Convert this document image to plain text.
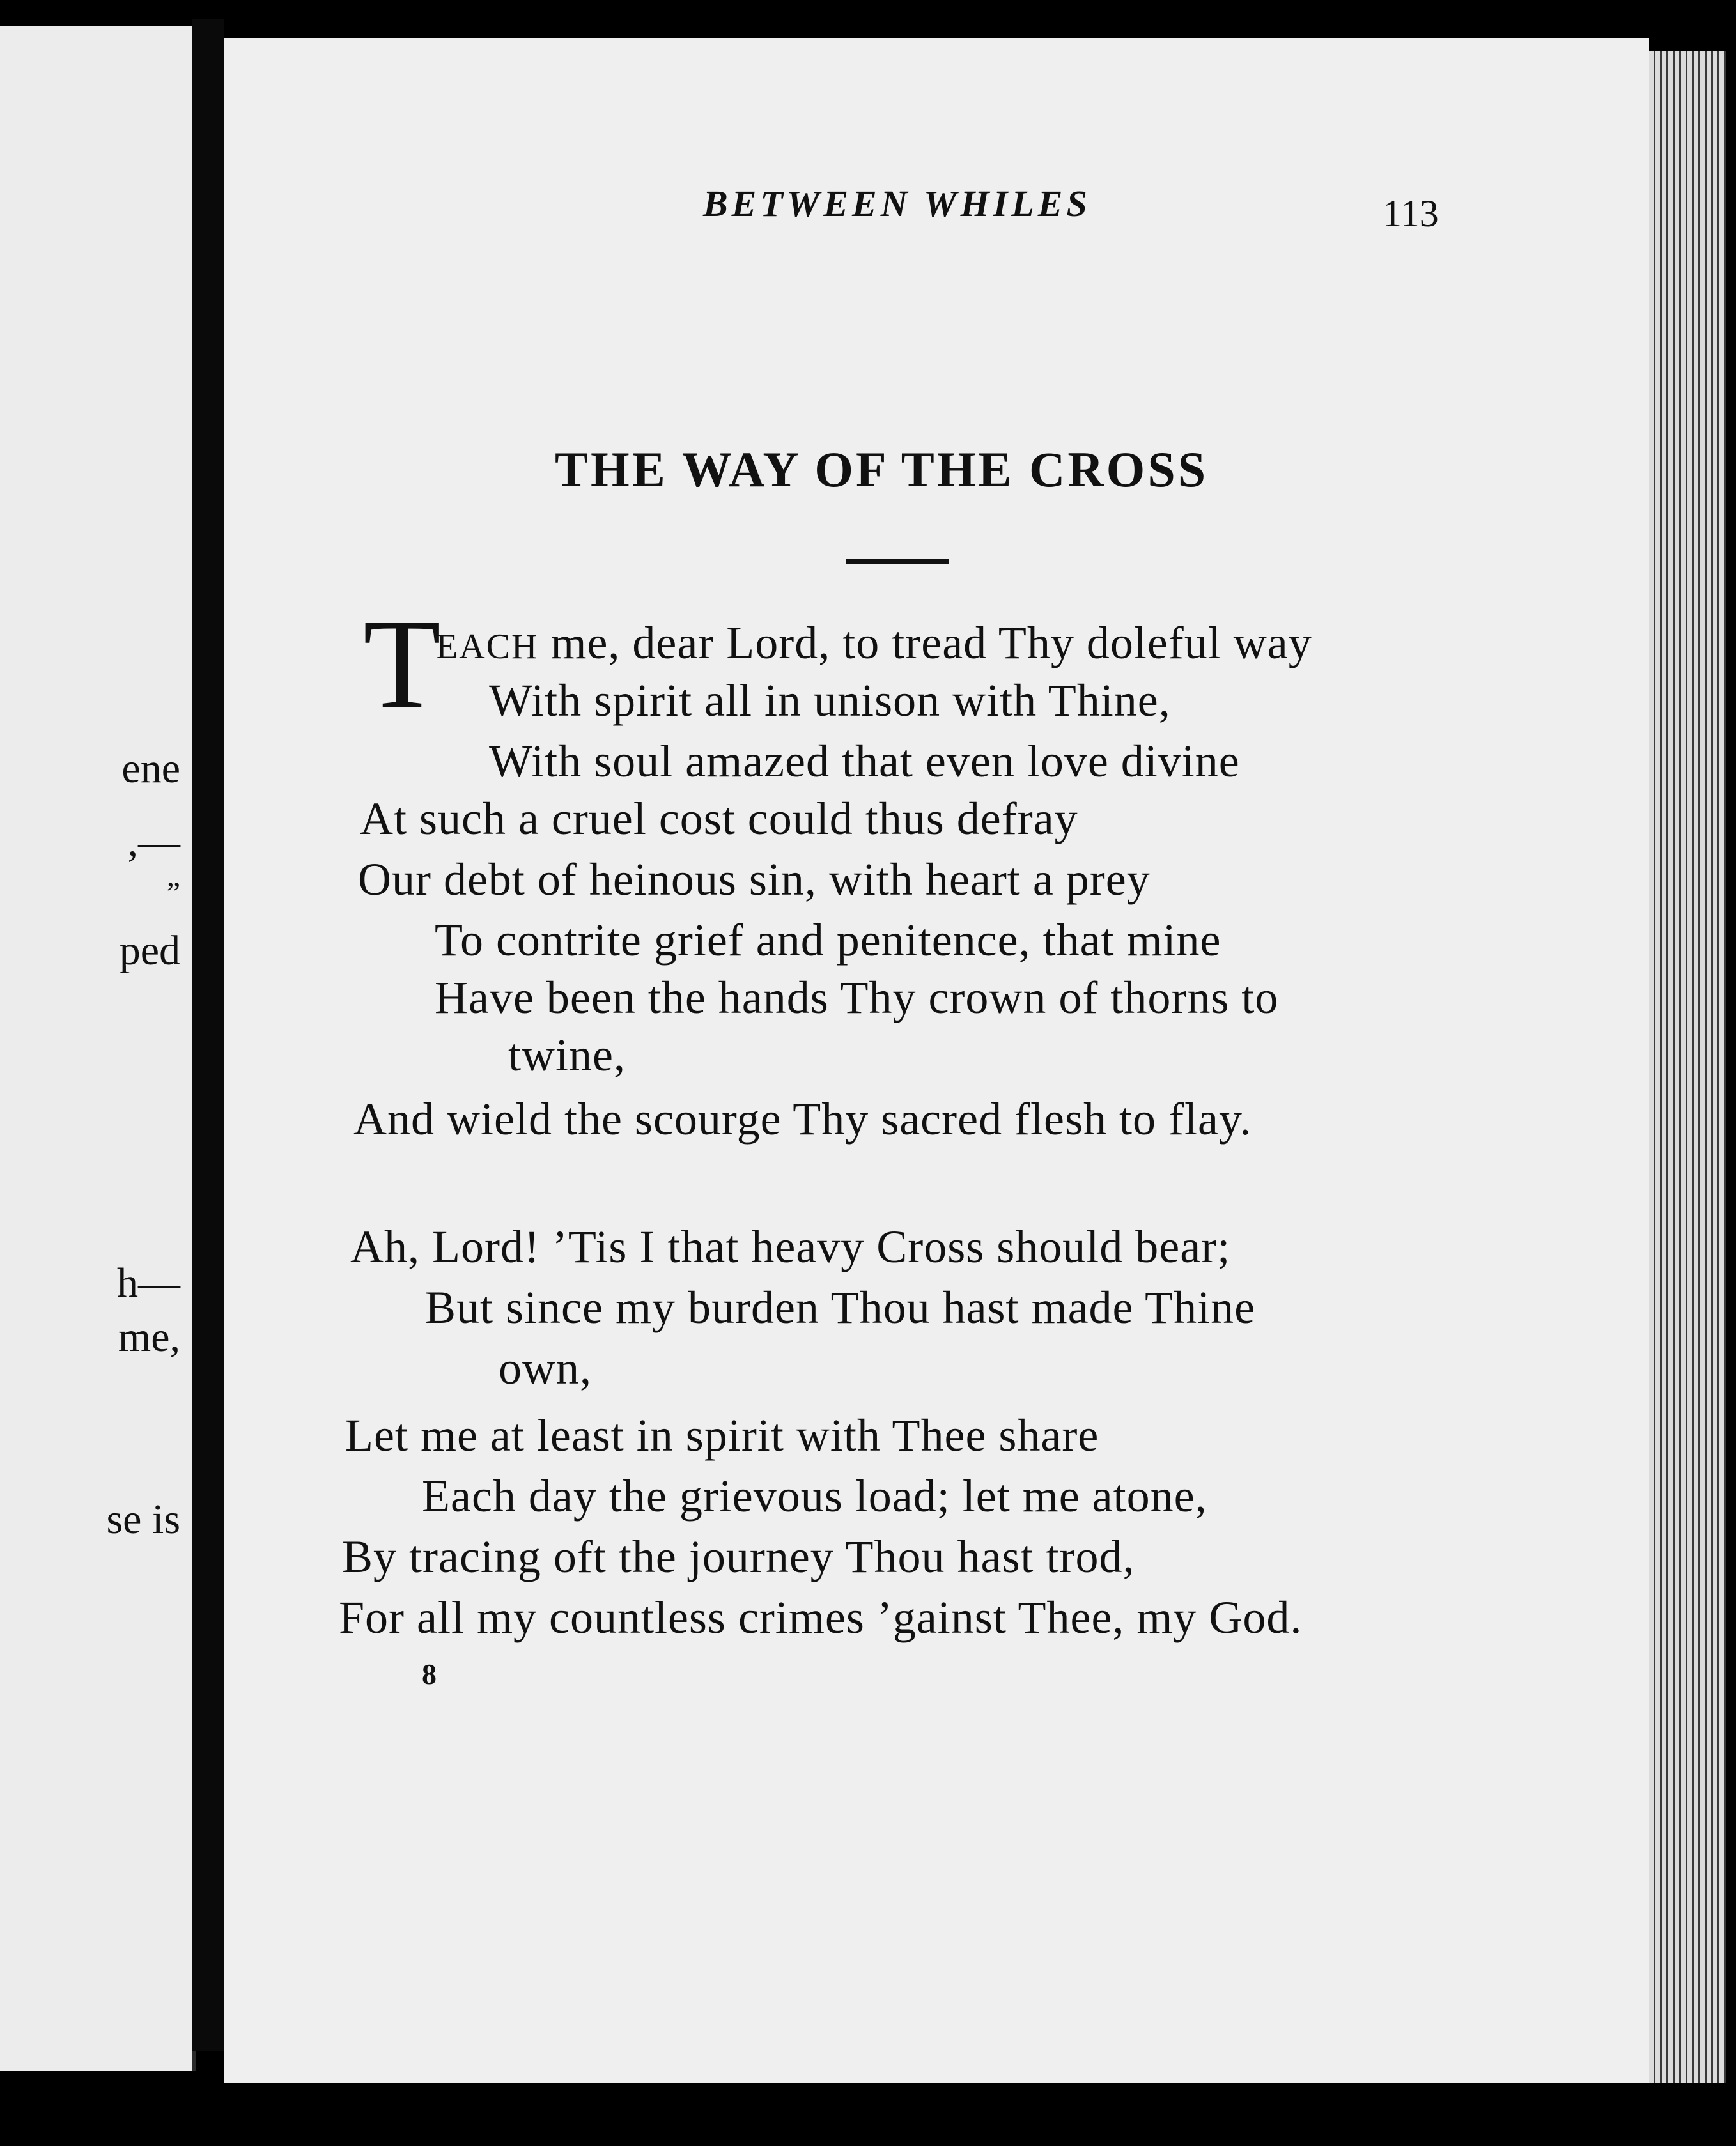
ene
,—
”
ped
h—
me,
se is
BETWEEN WHILES	113
THE WAY OF THE CROSS
T
EACH me, dear Lord, to tread Thy doleful way
With spirit all in unison with Thine,
With soul amazed that even love divine
At such a cruel cost could thus defray
Our debt of heinous sin, with heart a prey
To contrite grief and penitence, that mine
Have been the hands Thy crown of thorns to
twine,
And wield the scourge Thy sacred flesh to flay.
Ah, Lord! ’Tis I that heavy Cross should bear;
But since my burden Thou hast made Thine
own,
Let me at least in spirit with Thee share
Each day the grievous load; let me atone,
By tracing oft the journey Thou hast trod,
For all my countless crimes ’gainst Thee, my God.
8
